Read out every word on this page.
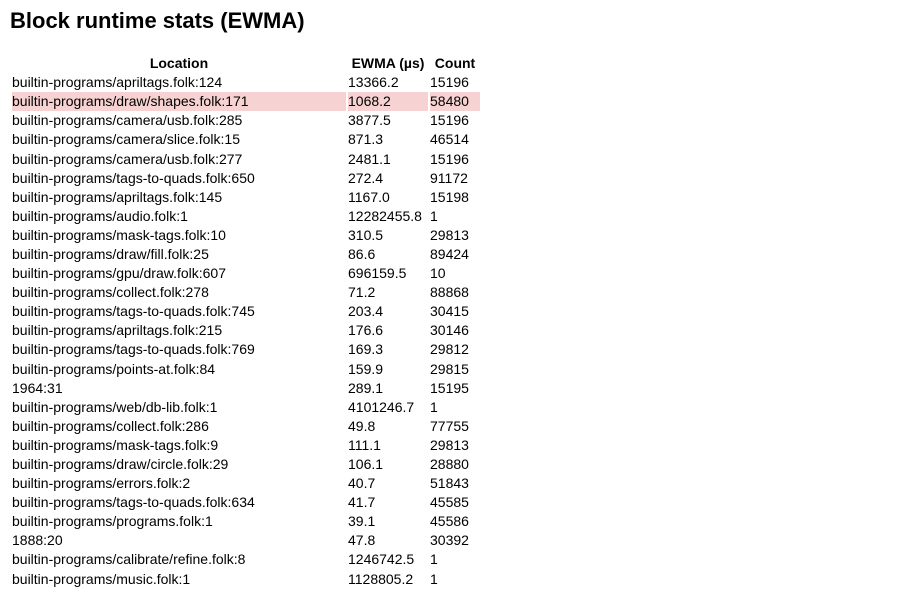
Block runtime stats (EWMA)
Location	EWMA (µs)	Count
builtin-programs/apriltags.folk:124	13366.2	15196
builtin-programs/draw/shapes.folk:171	1068.2	58480
builtin-programs/camera/usb.folk:285	3877.5	15196
builtin-programs/camera/slice.folk:15	871.3	46514
builtin-programs/camera/usb.folk:277	2481.1	15196
builtin-programs/tags-to-quads.folk:650	272.4	91172
builtin-programs/apriltags.folk:145	1167.0	15198
builtin-programs/audio.folk:1	12282455.8	1
builtin-programs/mask-tags.folk:10	310.5	29813
builtin-programs/draw/fill.folk:25	86.6	89424
builtin-programs/gpu/draw.folk:607	696159.5	10
builtin-programs/collect.folk:278	71.2	88868
builtin-programs/tags-to-quads.folk:745	203.4	30415
builtin-programs/apriltags.folk:215	176.6	30146
builtin-programs/tags-to-quads.folk:769	169.3	29812
builtin-programs/points-at.folk:84	159.9	29815
1964:31	289.1	15195
builtin-programs/web/db-lib.folk:1	4101246.7	1
builtin-programs/collect.folk:286	49.8	77755
builtin-programs/mask-tags.folk:9	111.1	29813
builtin-programs/draw/circle.folk:29	106.1	28880
builtin-programs/errors.folk:2	40.7	51843
builtin-programs/tags-to-quads.folk:634	41.7	45585
builtin-programs/programs.folk:1	39.1	45586
1888:20	47.8	30392
builtin-programs/calibrate/refine.folk:8	1246742.5	1
builtin-programs/music.folk:1	1128805.2	1
